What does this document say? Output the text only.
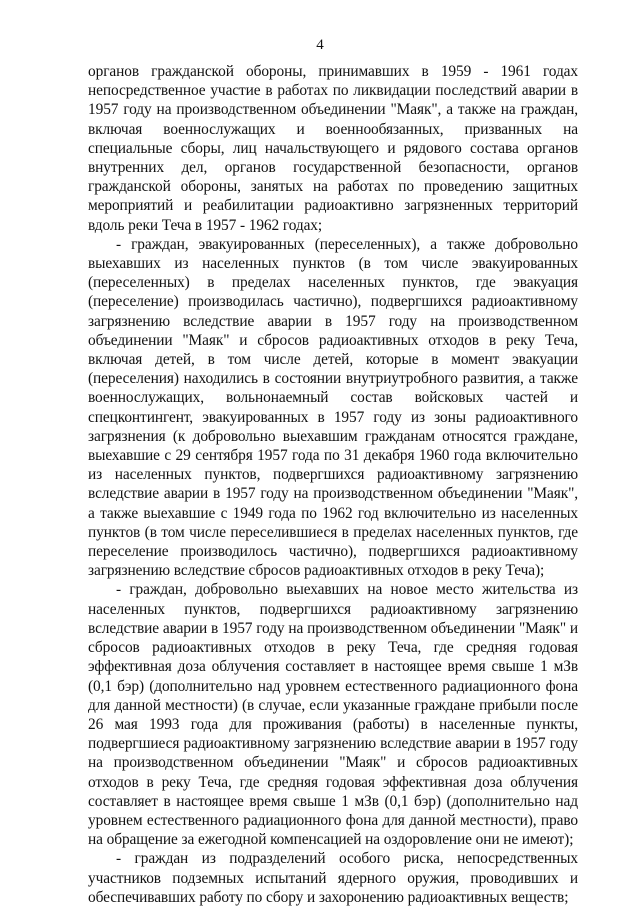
4

органов гражданской обороны, принимавших в 1959 - 1961 годах непосредственное участие в работах по ликвидации последствий аварии в 1957 году на производственном объединении "Маяк", а также на граждан, включая военнослужащих и военнообязанных, призванных на специальные сборы, лиц начальствующего и рядового состава органов внутренних дел, органов государственной безопасности, органов гражданской обороны, занятых на работах по проведению защитных мероприятий и реабилитации радиоактивно загрязненных территорий вдоль реки Теча в 1957 - 1962 годах;

- граждан, эвакуированных (переселенных), а также добровольно выехавших из населенных пунктов (в том числе эвакуированных (переселенных) в пределах населенных пунктов, где эвакуация (переселение) производилась частично), подвергшихся радиоактивному загрязнению вследствие аварии в 1957 году на производственном объединении "Маяк" и сбросов радиоактивных отходов в реку Теча, включая детей, в том числе детей, которые в момент эвакуации (переселения) находились в состоянии внутриутробного развития, а также военнослужащих, вольнонаемный состав войсковых частей и спецконтингент, эвакуированных в 1957 году из зоны радиоактивного загрязнения (к добровольно выехавшим гражданам относятся граждане, выехавшие с 29 сентября 1957 года по 31 декабря 1960 года включительно из населенных пунктов, подвергшихся радиоактивному загрязнению вследствие аварии в 1957 году на производственном объединении "Маяк", а также выехавшие с 1949 года по 1962 год включительно из населенных пунктов (в том числе переселившиеся в пределах населенных пунктов, где переселение производилось частично), подвергшихся радиоактивному загрязнению вследствие сбросов радиоактивных отходов в реку Теча);

- граждан, добровольно выехавших на новое место жительства из населенных пунктов, подвергшихся радиоактивному загрязнению вследствие аварии в 1957 году на производственном объединении "Маяк" и сбросов радиоактивных отходов в реку Теча, где средняя годовая эффективная доза облучения составляет в настоящее время свыше 1 мЗв (0,1 бэр) (дополнительно над уровнем естественного радиационного фона для данной местности) (в случае, если указанные граждане прибыли после 26 мая 1993 года для проживания (работы) в населенные пункты, подвергшиеся радиоактивному загрязнению вследствие аварии в 1957 году на производственном объединении "Маяк" и сбросов радиоактивных отходов в реку Теча, где средняя годовая эффективная доза облучения составляет в настоящее время свыше 1 мЗв (0,1 бэр) (дополнительно над уровнем естественного радиационного фона для данной местности), право на обращение за ежегодной компенсацией на оздоровление они не имеют);

- граждан из подразделений особого риска, непосредственных участников подземных испытаний ядерного оружия, проводивших и обеспечивавших работу по сбору и захоронению радиоактивных веществ;
